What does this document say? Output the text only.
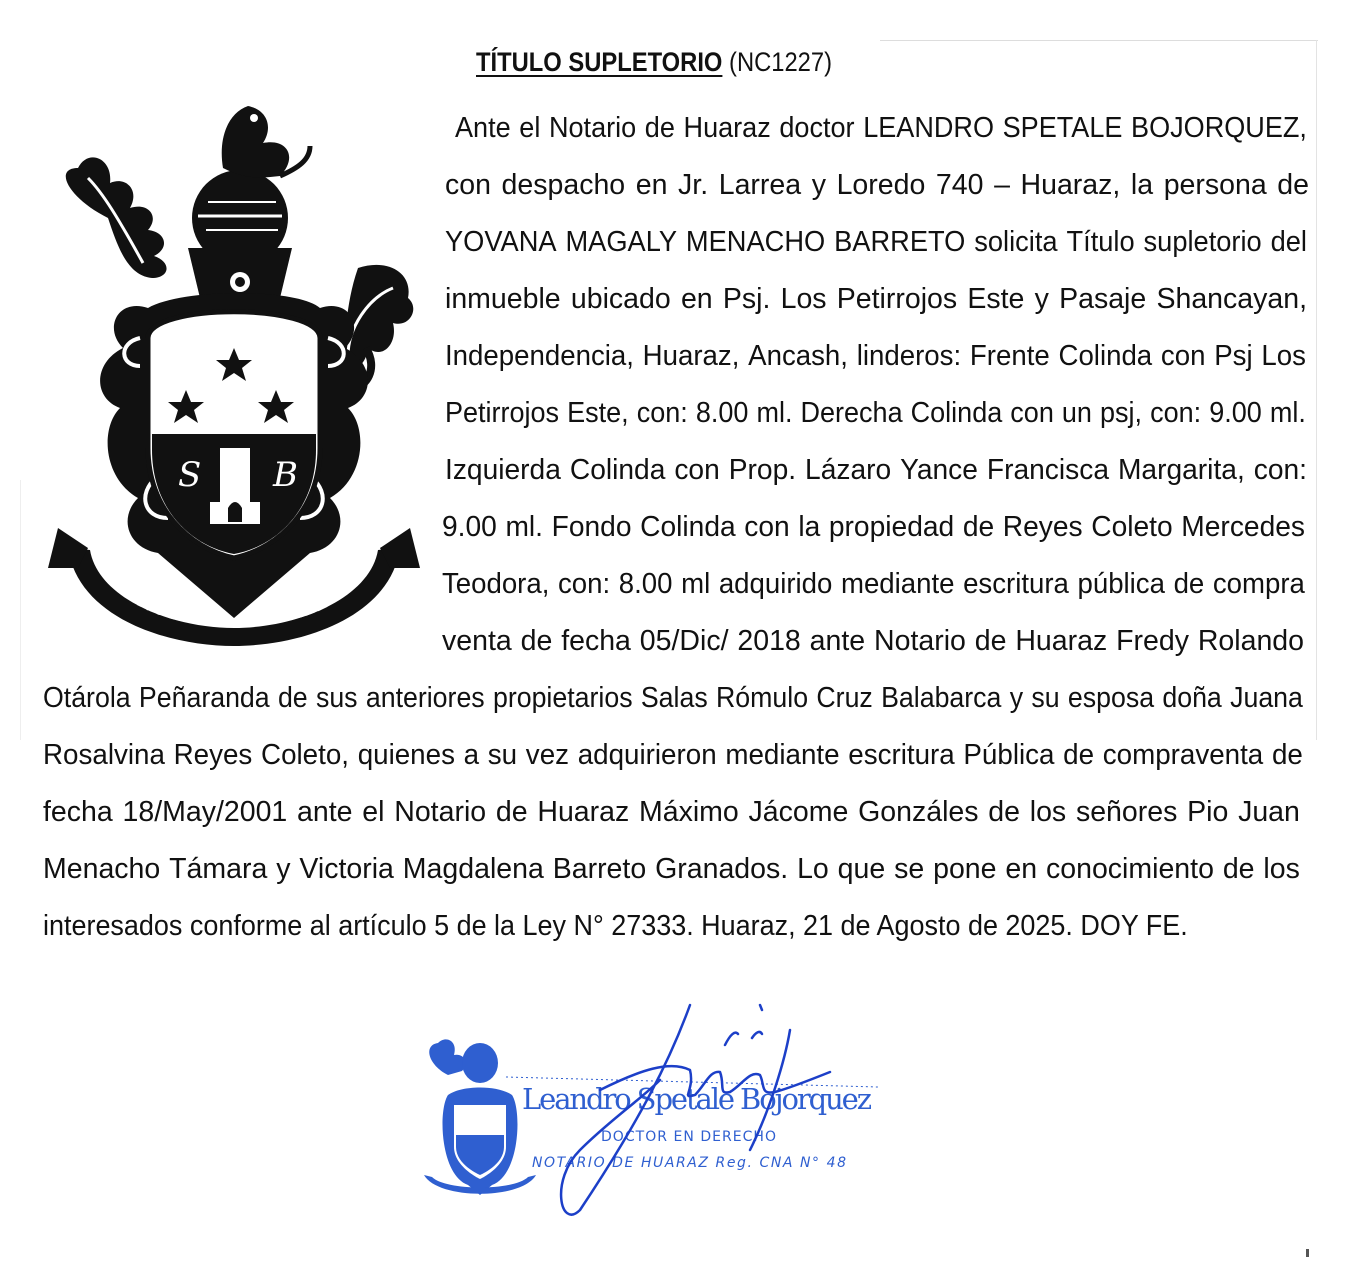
TÍTULO SUPLETORIO (NC1227)
S B
NOTARIA SPETALE
Ante el Notario de Huaraz doctor LEANDRO SPETALE BOJORQUEZ,
con despacho en Jr. Larrea y Loredo 740 – Huaraz, la persona de
YOVANA MAGALY MENACHO BARRETO solicita Título supletorio del
inmueble ubicado en Psj. Los Petirrojos Este y Pasaje Shancayan,
Independencia, Huaraz, Ancash, linderos: Frente Colinda con Psj Los
Petirrojos Este, con: 8.00 ml. Derecha Colinda con un psj, con: 9.00 ml.
Izquierda Colinda con Prop. Lázaro Yance Francisca Margarita, con:
9.00 ml. Fondo Colinda con la propiedad de Reyes Coleto Mercedes
Teodora, con: 8.00 ml adquirido mediante escritura pública de compra
venta de fecha 05/Dic/ 2018 ante Notario de Huaraz Fredy Rolando
Otárola Peñaranda de sus anteriores propietarios Salas Rómulo Cruz Balabarca y su esposa doña Juana
Rosalvina Reyes Coleto, quienes a su vez adquirieron mediante escritura Pública de compraventa de
fecha 18/May/2001 ante el Notario de Huaraz Máximo Jácome Gonzáles de los señores Pio Juan
Menacho Támara y Victoria Magdalena Barreto Granados. Lo que se pone en conocimiento de los
interesados conforme al artículo 5 de la Ley N° 27333. Huaraz, 21 de Agosto de 2025. DOY FE.
Leandro Spetale Bojorquez
DOCTOR EN DERECHO
NOTARIO DE HUARAZ Reg. CNA N° 48
